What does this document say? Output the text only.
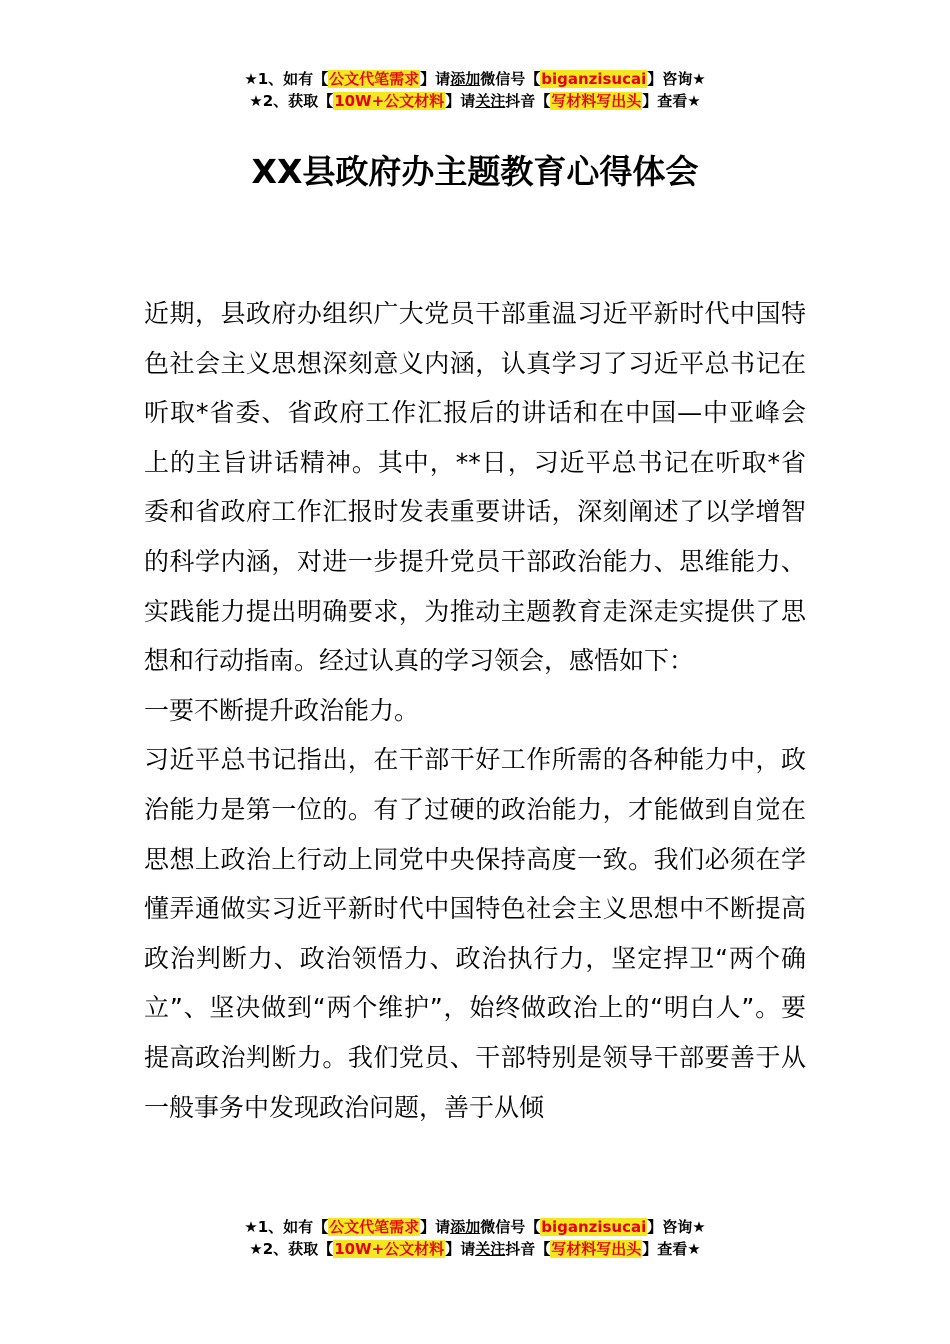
★1、如有【公文代笔需求】请添加微信号【biganzisucai】咨询★
★2、获取【10W+公文材料】请关注抖音【写材料写出头】查看★
XX县政府办主题教育心得体会

近期，县政府办组织广大党员干部重温习近平新时代中国特色社会主义思想深刻意义内涵，认真学习了习近平总书记在听取*省委、省政府工作汇报后的讲话和在中国—中亚峰会上的主旨讲话精神。其中，**日，习近平总书记在听取*省委和省政府工作汇报时发表重要讲话，深刻阐述了以学增智的科学内涵，对进一步提升党员干部政治能力、思维能力、实践能力提出明确要求，为推动主题教育走深走实提供了思想和行动指南。经过认真的学习领会，感悟如下：

一要不断提升政治能力。

习近平总书记指出，在干部干好工作所需的各种能力中，政治能力是第一位的。有了过硬的政治能力，才能做到自觉在思想上政治上行动上同党中央保持高度一致。我们必须在学懂弄通做实习近平新时代中国特色社会主义思想中不断提高政治判断力、政治领悟力、政治执行力，坚定捍卫“两个确立”、坚决做到“两个维护”，始终做政治上的“明白人”。要提高政治判断力。我们党员、干部特别是领导干部要善于从一般事务中发现政治问题，善于从倾

★1、如有【公文代笔需求】请添加微信号【biganzisucai】咨询★
★2、获取【10W+公文材料】请关注抖音【写材料写出头】查看★
